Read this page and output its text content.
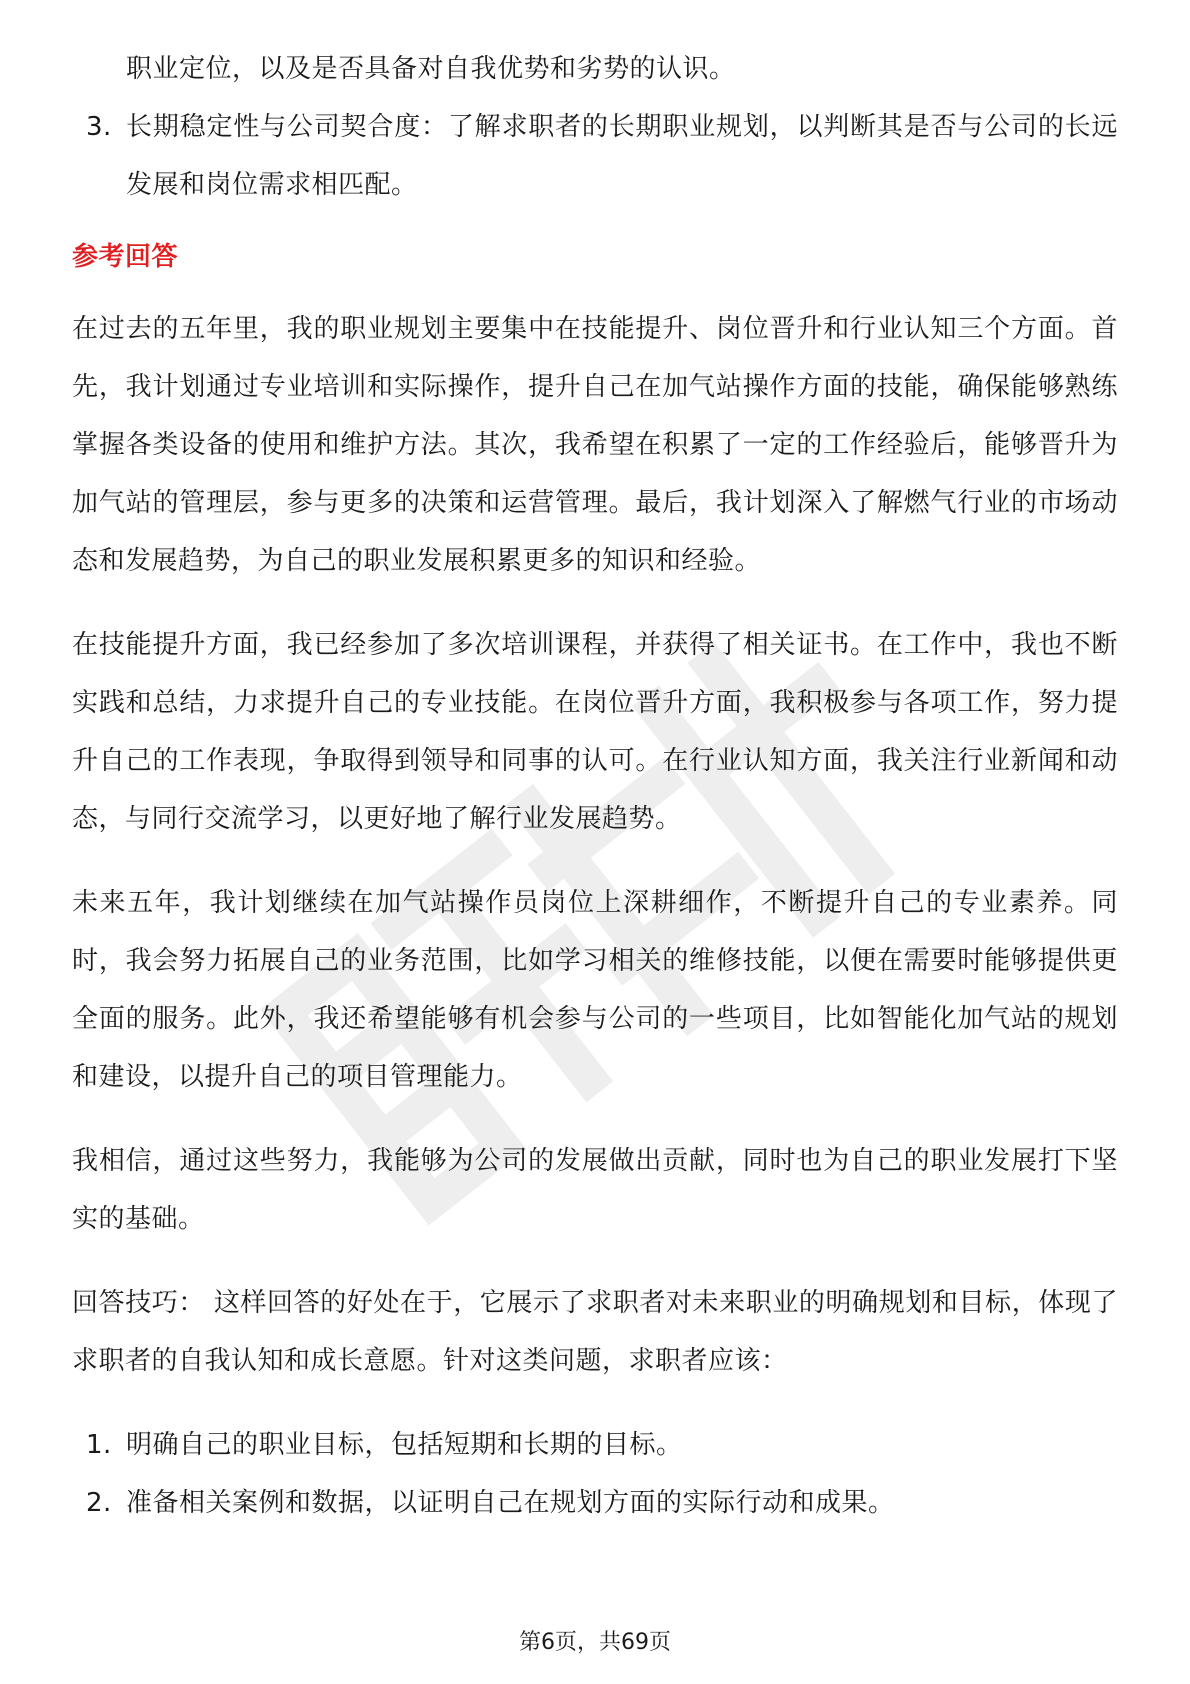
职业定位，以及是否具备对自我优势和劣势的认识。
3. 长期稳定性与公司契合度：了解求职者的长期职业规划，以判断其是否与公司的长远发展和岗位需求相匹配。
参考回答

在过去的五年里，我的职业规划主要集中在技能提升、岗位晋升和行业认知三个方面。首先，我计划通过专业培训和实际操作，提升自己在加气站操作方面的技能，确保能够熟练掌握各类设备的使用和维护方法。其次，我希望在积累了一定的工作经验后，能够晋升为加气站的管理层，参与更多的决策和运营管理。最后，我计划深入了解燃气行业的市场动态和发展趋势，为自己的职业发展积累更多的知识和经验。

在技能提升方面，我已经参加了多次培训课程，并获得了相关证书。在工作中，我也不断实践和总结，力求提升自己的专业技能。在岗位晋升方面，我积极参与各项工作，努力提升自己的工作表现，争取得到领导和同事的认可。在行业认知方面，我关注行业新闻和动态，与同行交流学习，以更好地了解行业发展趋势。

未来五年，我计划继续在加气站操作员岗位上深耕细作，不断提升自己的专业素养。同时，我会努力拓展自己的业务范围，比如学习相关的维修技能，以便在需要时能够提供更全面的服务。此外，我还希望能够有机会参与公司的一些项目，比如智能化加气站的规划和建设，以提升自己的项目管理能力。

我相信，通过这些努力，我能够为公司的发展做出贡献，同时也为自己的职业发展打下坚实的基础。

回答技巧： 这样回答的好处在于，它展示了求职者对未来职业的明确规划和目标，体现了求职者的自我认知和成长意愿。针对这类问题，求职者应该：

1. 明确自己的职业目标，包括短期和长期的目标。
2. 准备相关案例和数据，以证明自己在规划方面的实际行动和成果。
第6页，共69页
